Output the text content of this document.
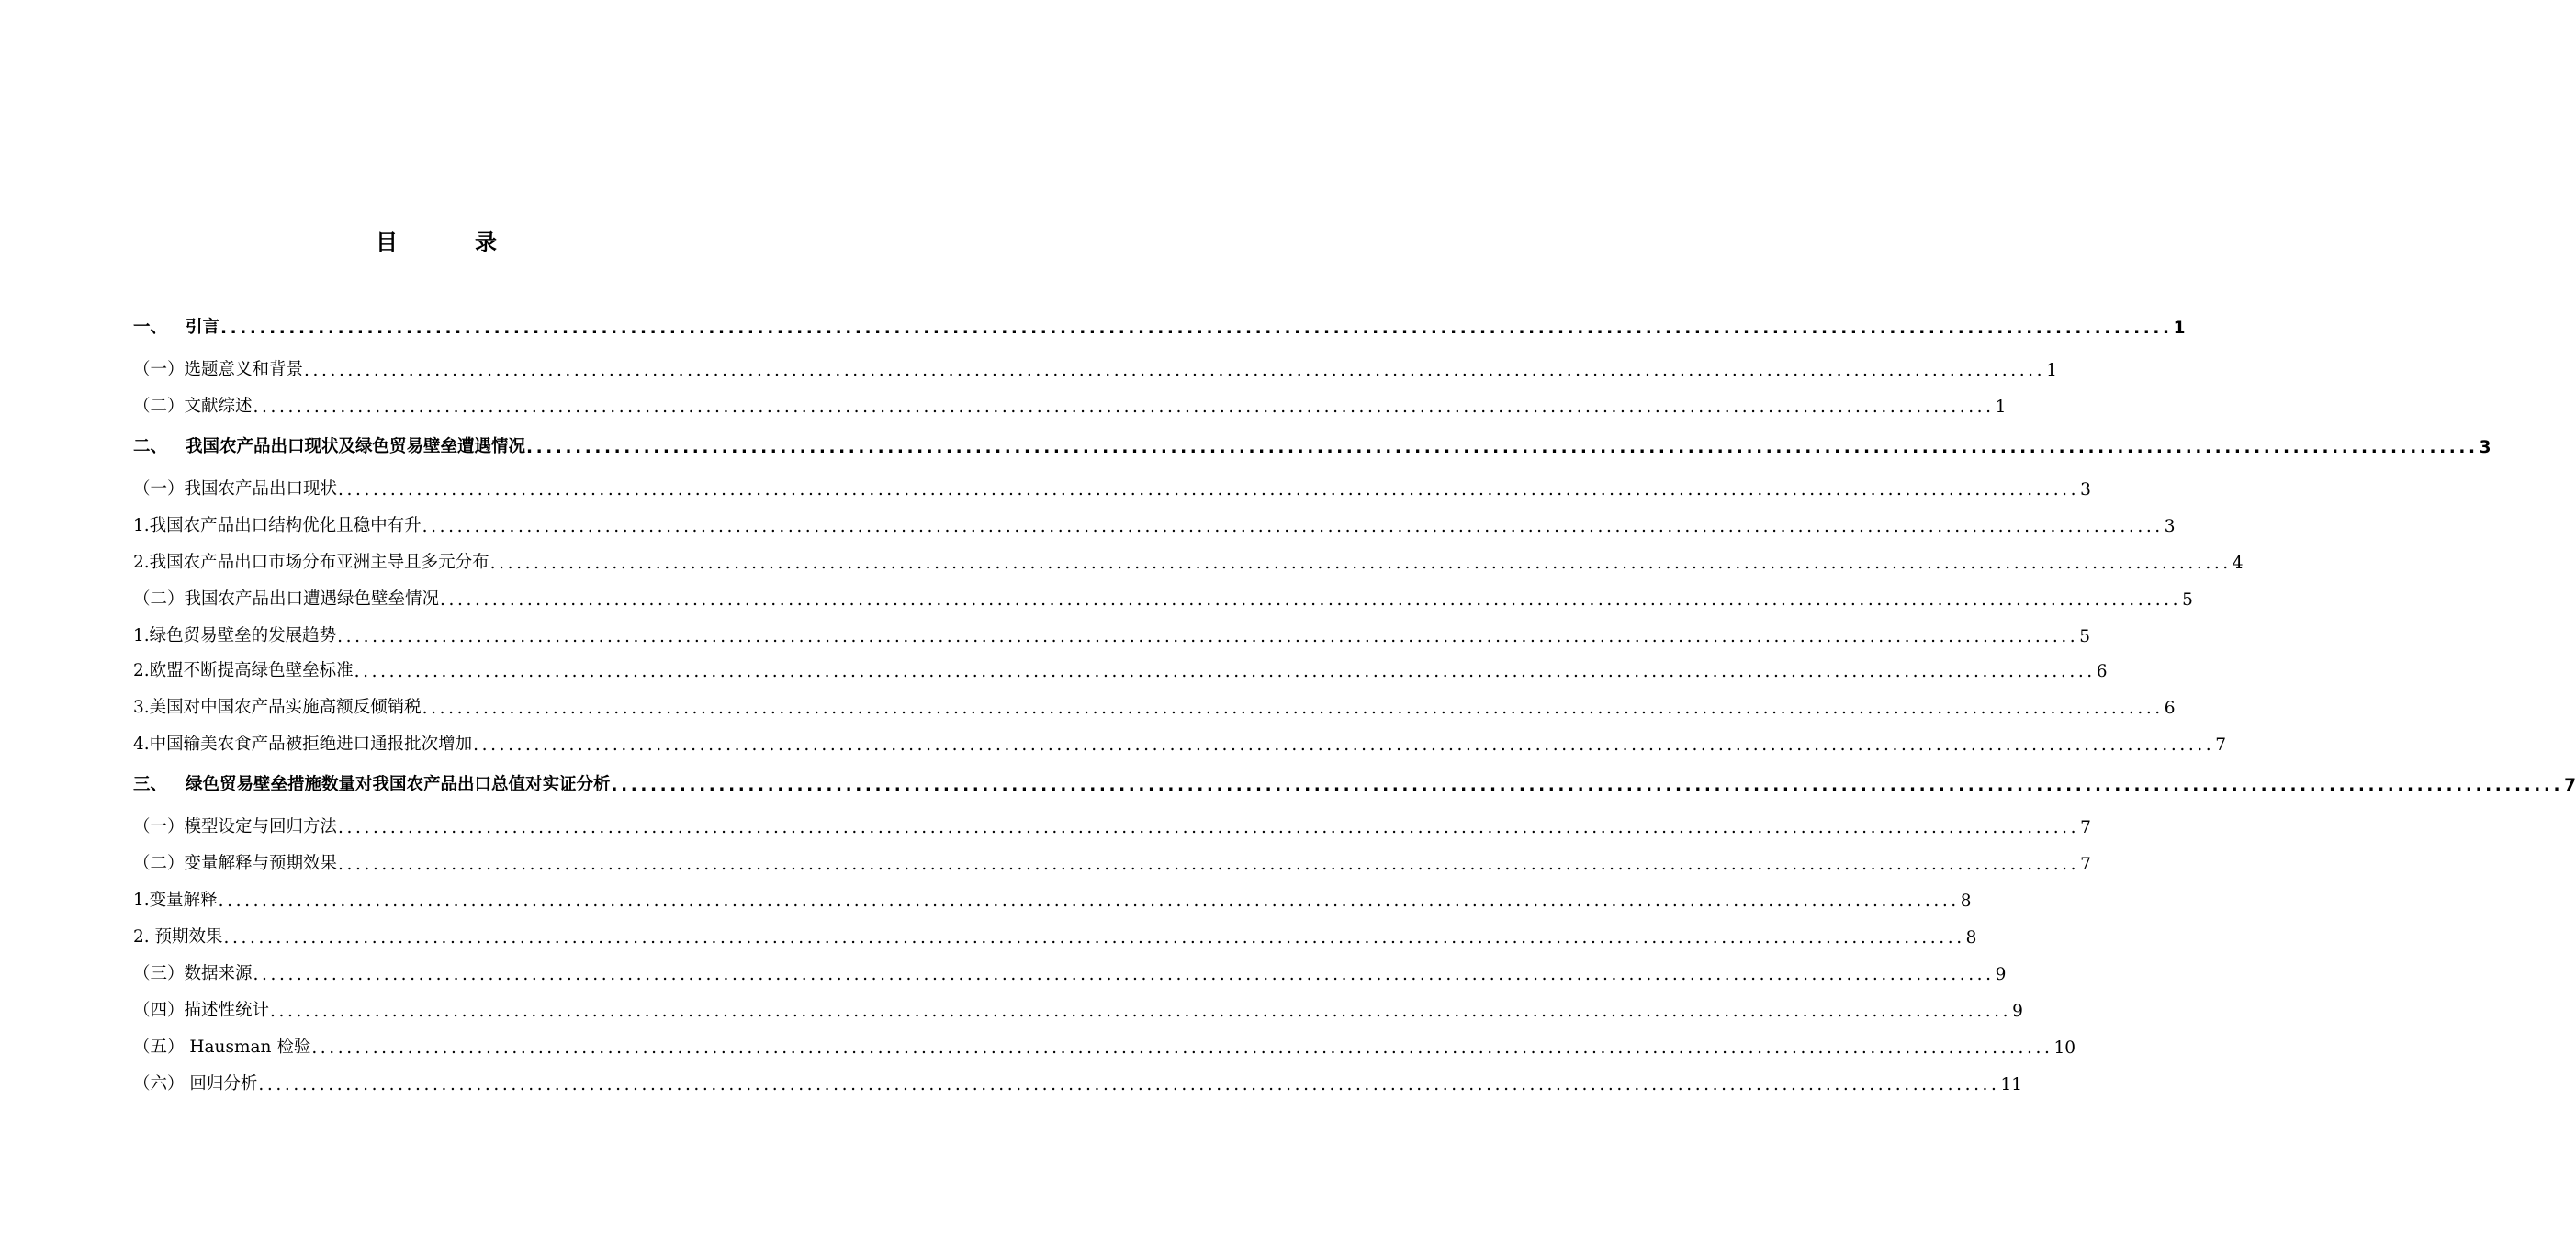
目　录
一、 引言 ........................................................................................................................................................................................................ 1
（一）选题意义和背景 ........................................................................................................................................................................................................ 1
（二）文献综述 ........................................................................................................................................................................................................ 1
二、 我国农产品出口现状及绿色贸易壁垒遭遇情况 ........................................................................................................................................................................................................ 3
（一）我国农产品出口现状 ........................................................................................................................................................................................................ 3
1.我国农产品出口结构优化且稳中有升 ........................................................................................................................................................................................................ 3
2.我国农产品出口市场分布亚洲主导且多元分布 ........................................................................................................................................................................................................ 4
（二）我国农产品出口遭遇绿色壁垒情况 ........................................................................................................................................................................................................ 5
1.绿色贸易壁垒的发展趋势 ........................................................................................................................................................................................................ 5
2.欧盟不断提高绿色壁垒标准 ........................................................................................................................................................................................................ 6
3.美国对中国农产品实施高额反倾销税 ........................................................................................................................................................................................................ 6
4.中国输美农食产品被拒绝进口通报批次增加 ........................................................................................................................................................................................................ 7
三、 绿色贸易壁垒措施数量对我国农产品出口总值对实证分析 ........................................................................................................................................................................................................ 7
（一）模型设定与回归方法 ........................................................................................................................................................................................................ 7
（二）变量解释与预期效果 ........................................................................................................................................................................................................ 7
1.变量解释 ........................................................................................................................................................................................................ 8
2. 预期效果 ........................................................................................................................................................................................................ 8
（三）数据来源 ........................................................................................................................................................................................................ 9
（四）描述性统计 ........................................................................................................................................................................................................ 9
（五） Hausman 检验 ........................................................................................................................................................................................................ 10
（六） 回归分析 ........................................................................................................................................................................................................ 11
